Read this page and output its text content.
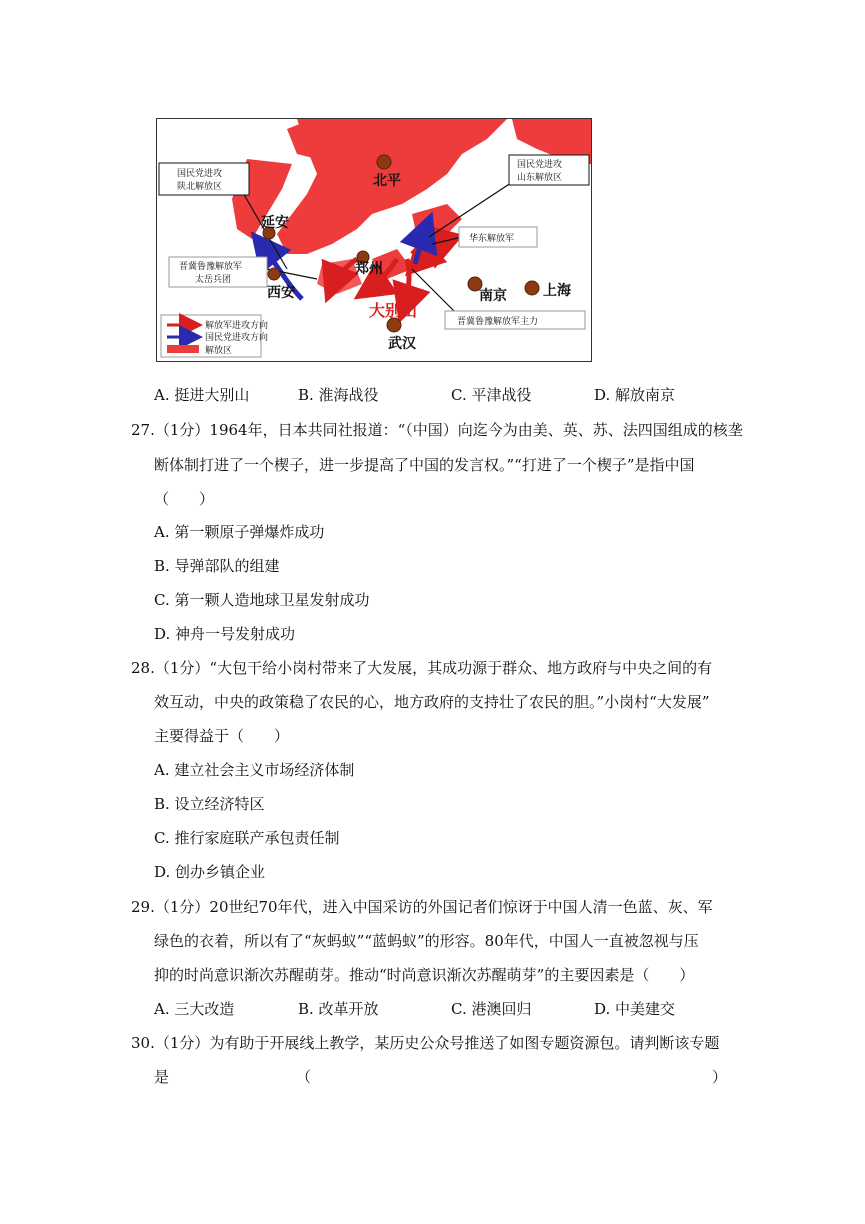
北平
延安
西安
郑州
南京	上海
武汉
大别山
国民党进攻
陕北解放区
国民党进攻
山东解放区
晋冀鲁豫解放军
太岳兵团
华东解放军
晋冀鲁豫解放军主力
解放军进攻方向
国民党进攻方向
解放区
A. 挺进大别山	B. 淮海战役	C. 平津战役	D. 解放南京
27.（1分）1964年，日本共同社报道：“（中国）向迄今为由美、英、苏、法四国组成的核垄
断体制打进了一个楔子，进一步提高了中国的发言权。”“打进了一个楔子”是指中国
（　　）
A. 第一颗原子弹爆炸成功
B. 导弹部队的组建
C. 第一颗人造地球卫星发射成功
D. 神舟一号发射成功
28.（1分）“大包干给小岗村带来了大发展，其成功源于群众、地方政府与中央之间的有
效互动，中央的政策稳了农民的心，地方政府的支持壮了农民的胆。”小岗村“大发展”
主要得益于（　　）
A. 建立社会主义市场经济体制
B. 设立经济特区
C. 推行家庭联产承包责任制
D. 创办乡镇企业
29.（1分）20世纪70年代，进入中国采访的外国记者们惊讶于中国人清一色蓝、灰、军
绿色的衣着，所以有了“灰蚂蚁”“蓝蚂蚁”的形容。80年代，中国人一直被忽视与压
抑的时尚意识渐次苏醒萌芽。推动“时尚意识渐次苏醒萌芽”的主要因素是（　　）
A. 三大改造	B. 改革开放	C. 港澳回归	D. 中美建交
30.（1分）为有助于开展线上教学，某历史公众号推送了如图专题资源包。请判断该专题
是	（	）
